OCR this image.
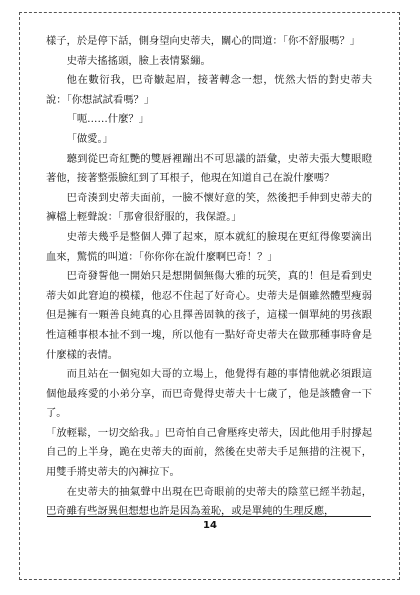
樣子，於是停下話，側身望向史蒂夫，關心的問道：「你不舒服嗎？」

史蒂夫搖搖頭，臉上表情緊繃。

他在數衍我，巴奇皺起眉，接著轉念一想，恍然大悟的對史蒂夫說：「你想試試看嗎？」

「呃……什麼？」

「做愛。」

聽到從巴奇紅艷的雙唇裡蹦出不可思議的語彙，史蒂夫張大雙眼瞪著他，接著整張臉紅到了耳根子，他現在知道自己在說什麼嗎？

巴奇湊到史蒂夫面前，一臉不懷好意的笑，然後把手伸到史蒂夫的褲檔上輕聲說：「那會很舒服的，我保證。」

史蒂夫幾乎是整個人彈了起來，原本就紅的臉現在更紅得像要滴出血來，驚慌的叫道：「你你你在說什麼啊巴奇！？」

巴奇發誓他一開始只是想開個無傷大雅的玩笑，真的！但是看到史蒂夫如此窘迫的模樣，他忍不住起了好奇心。史蒂夫是個雖然體型瘦弱但是擁有一顆善良純真的心且擇善固執的孩子，這樣一個單純的男孩跟性這種事根本扯不到一塊，所以他有一點好奇史蒂夫在做那種事時會是什麼樣的表情。

而且站在一個宛如大哥的立場上，他覺得有趣的事情他就必須跟這個他最疼愛的小弟分享，而巴奇覺得史蒂夫十七歲了，他是該體會一下了。

「放輕鬆，一切交給我。」巴奇怕自己會壓疼史蒂夫，因此他用手肘撐起自己的上半身，跪在史蒂夫的面前，然後在史蒂夫手足無措的注視下，用雙手將史蒂夫的內褲拉下。

在史蒂夫的抽氣聲中出現在巴奇眼前的史蒂夫的陰莖已經半勃起，巴奇雖有些訝異但想想也許是因為羞恥，或是單純的生理反應，

14
